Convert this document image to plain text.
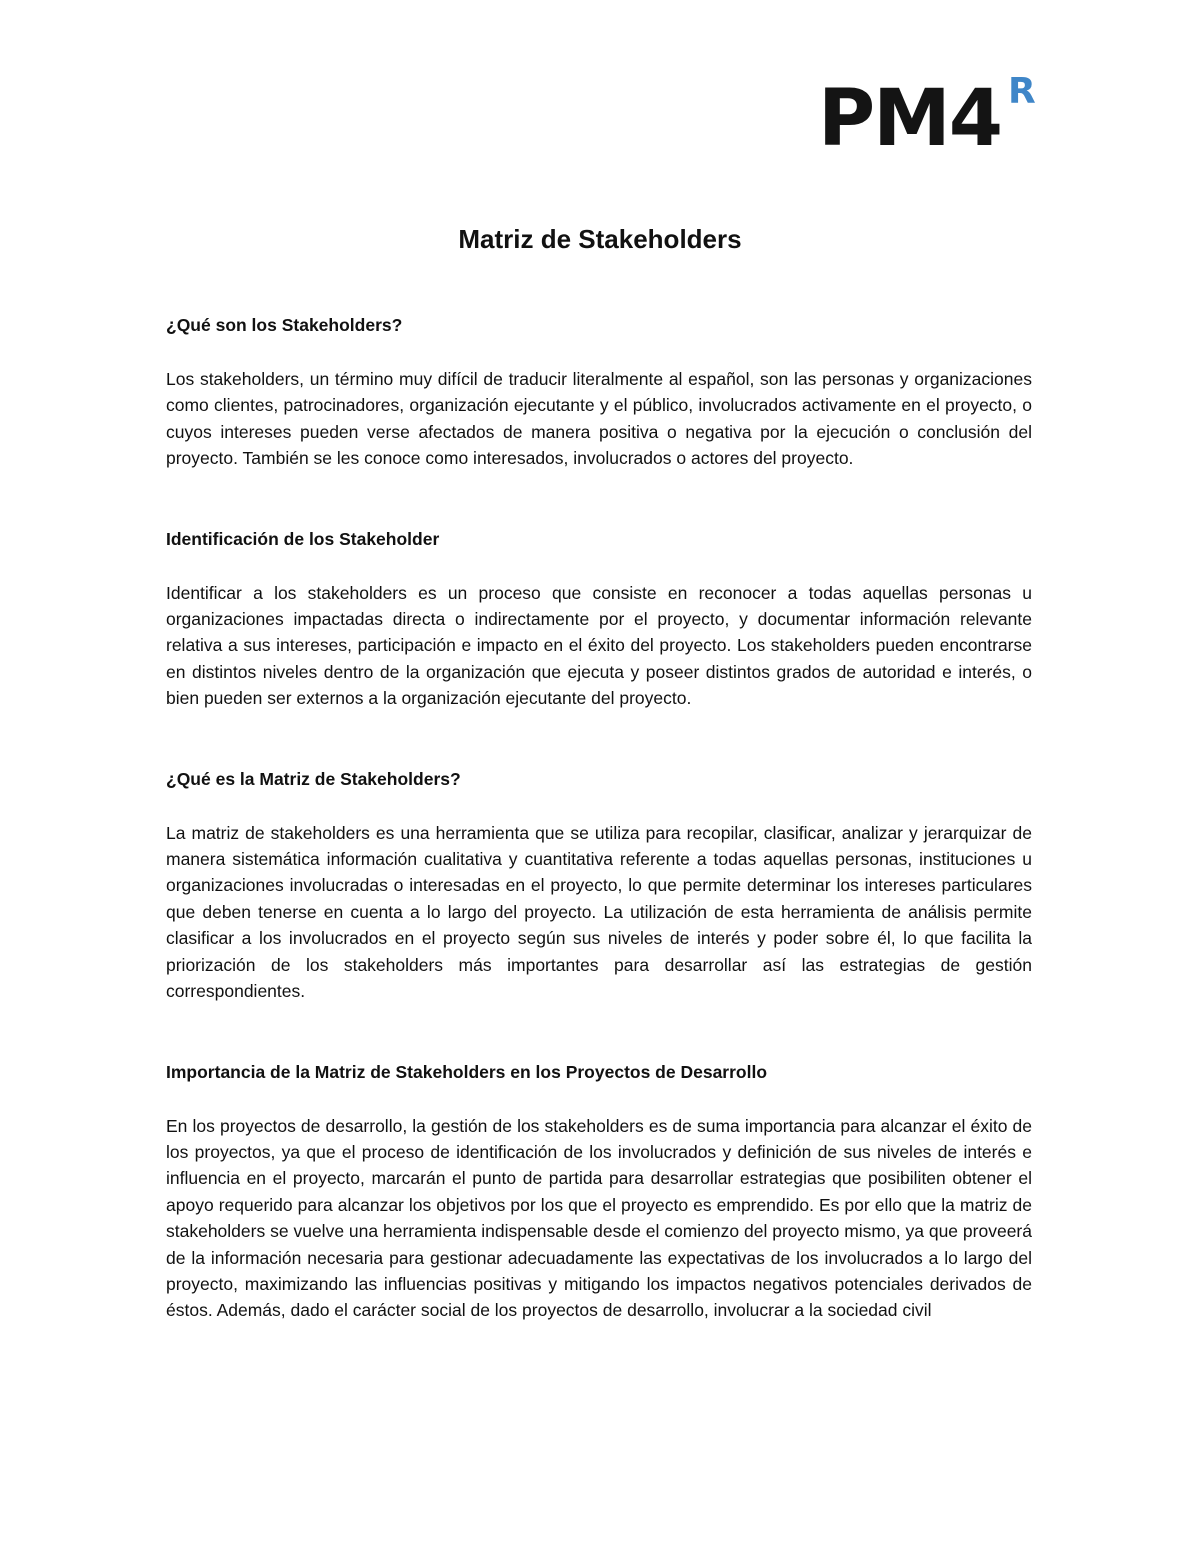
PM4 R
Matriz de Stakeholders

¿Qué son los Stakeholders?

Los stakeholders, un término muy difícil de traducir literalmente al español, son las personas y organizaciones como clientes, patrocinadores, organización ejecutante y el público, involucrados activamente en el proyecto, o cuyos intereses pueden verse afectados de manera positiva o negativa por la ejecución o conclusión del proyecto. También se les conoce como interesados, involucrados o actores del proyecto.

Identificación de los Stakeholder

Identificar a los stakeholders es un proceso que consiste en reconocer a todas aquellas personas u organizaciones impactadas directa o indirectamente por el proyecto, y documentar información relevante relativa a sus intereses, participación e impacto en el éxito del proyecto. Los stakeholders pueden encontrarse en distintos niveles dentro de la organización que ejecuta y poseer distintos grados de autoridad e interés, o bien pueden ser externos a la organización ejecutante del proyecto.

¿Qué es la Matriz de Stakeholders?

La matriz de stakeholders es una herramienta que se utiliza para recopilar, clasificar, analizar y jerarquizar de manera sistemática información cualitativa y cuantitativa referente a todas aquellas personas, instituciones u organizaciones involucradas o interesadas en el proyecto, lo que permite determinar los intereses particulares que deben tenerse en cuenta a lo largo del proyecto. La utilización de esta herramienta de análisis permite clasificar a los involucrados en el proyecto según sus niveles de interés y poder sobre él, lo que facilita la priorización de los stakeholders más importantes para desarrollar así las estrategias de gestión correspondientes.

Importancia de la Matriz de Stakeholders en los Proyectos de Desarrollo

En los proyectos de desarrollo, la gestión de los stakeholders es de suma importancia para alcanzar el éxito de los proyectos, ya que el proceso de identificación de los involucrados y definición de sus niveles de interés e influencia en el proyecto, marcarán el punto de partida para desarrollar estrategias que posibiliten obtener el apoyo requerido para alcanzar los objetivos por los que el proyecto es emprendido. Es por ello que la matriz de stakeholders se vuelve una herramienta indispensable desde el comienzo del proyecto mismo, ya que proveerá de la información necesaria para gestionar adecuadamente las expectativas de los involucrados a lo largo del proyecto, maximizando las influencias positivas y mitigando los impactos negativos potenciales derivados de éstos. Además, dado el carácter social de los proyectos de desarrollo, involucrar a la sociedad civil
